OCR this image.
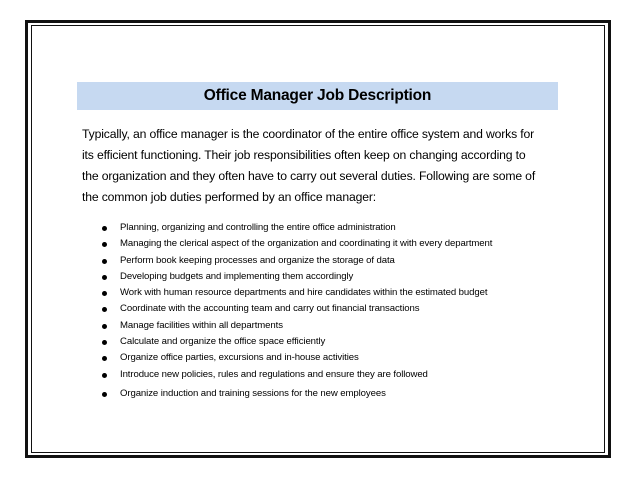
Office Manager Job Description

Typically, an office manager is the coordinator of the entire office system and works for
its efficient functioning. Their job responsibilities often keep on changing according to
the organization and they often have to carry out several duties. Following are some of
the common job duties performed by an office manager:

Planning, organizing and controlling the entire office administration
Managing the clerical aspect of the organization and coordinating it with every department
Perform book keeping processes and organize the storage of data
Developing budgets and implementing them accordingly
Work with human resource departments and hire candidates within the estimated budget
Coordinate with the accounting team and carry out financial transactions
Manage facilities within all departments
Calculate and organize the office space efficiently
Organize office parties, excursions and in-house activities
Introduce new policies, rules and regulations and ensure they are followed
Organize induction and training sessions for the new employees
